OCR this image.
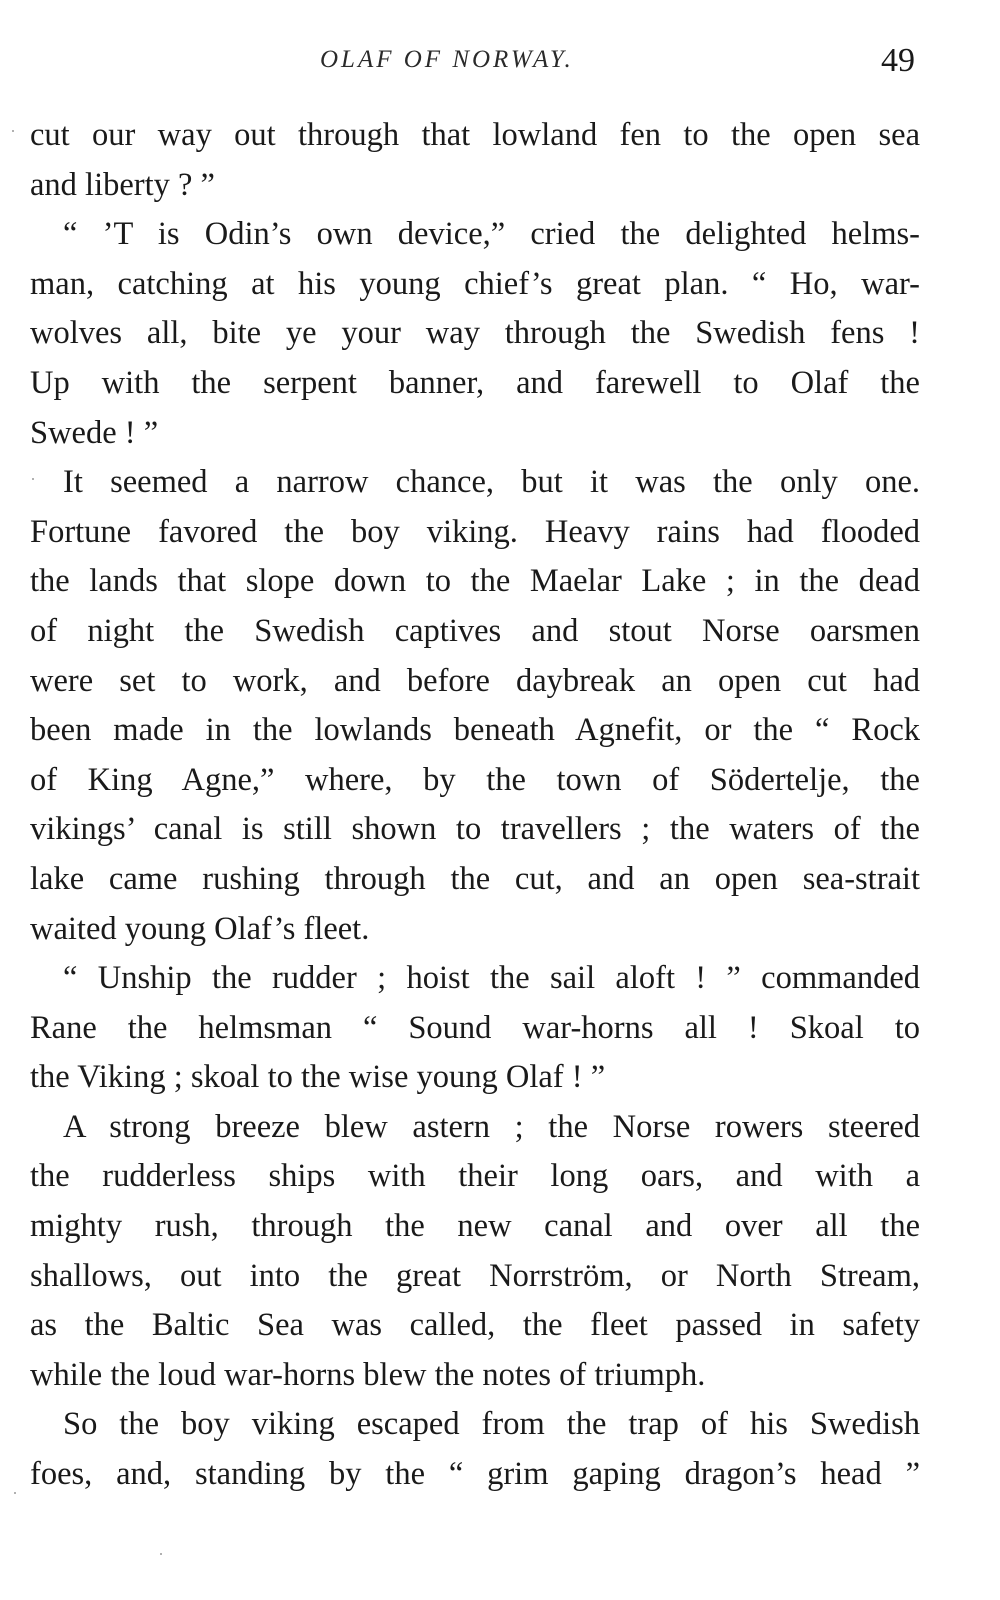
OLAF OF NORWAY.	49
cut our way out through that lowland fen to the open sea
and liberty ? ”
“ ’T is Odin’s own device,” cried the delighted helms-
man, catching at his young chief’s great plan. “ Ho, war-
wolves all, bite ye your way through the Swedish fens !
Up with the serpent banner, and farewell to Olaf the
Swede ! ”
It seemed a narrow chance, but it was the only one.
Fortune favored the boy viking. Heavy rains had flooded
the lands that slope down to the Maelar Lake ; in the dead
of night the Swedish captives and stout Norse oarsmen
were set to work, and before daybreak an open cut had
been made in the lowlands beneath Agnefit, or the “ Rock
of King Agne,” where, by the town of Södertelje, the
vikings’ canal is still shown to travellers ; the waters of the
lake came rushing through the cut, and an open sea-strait
waited young Olaf’s fleet.
“ Unship the rudder ; hoist the sail aloft ! ” commanded
Rane the helmsman “ Sound war-horns all ! Skoal to
the Viking ; skoal to the wise young Olaf ! ”
A strong breeze blew astern ; the Norse rowers steered
the rudderless ships with their long oars, and with a
mighty rush, through the new canal and over all the
shallows, out into the great Norrström, or North Stream,
as the Baltic Sea was called, the fleet passed in safety
while the loud war-horns blew the notes of triumph.
So the boy viking escaped from the trap of his Swedish
foes, and, standing by the “ grim gaping dragon’s head ”
